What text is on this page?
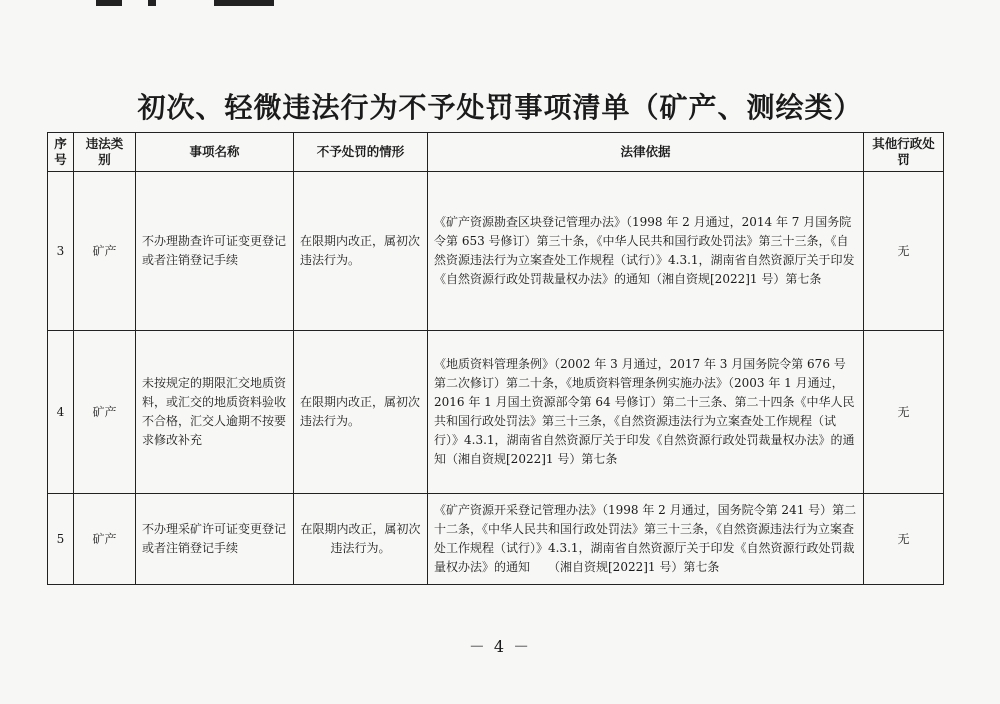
初次、轻微违法行为不予处罚事项清单（矿产、测绘类）
序号	违法类别	事项名称	不予处罚的情形	法律依据	其他行政处罚
3	矿产	不办理勘查许可证变更登记或者注销登记手续	在限期内改正，属初次违法行为。	《矿产资源勘查区块登记管理办法》（1998 年 2 月通过，2014 年 7 月国务院令第 653 号修订）第三十条，《中华人民共和国行政处罚法》第三十三条，《自然资源违法行为立案查处工作规程（试行）》4.3.1，湖南省自然资源厅关于印发《自然资源行政处罚裁量权办法》的通知（湘自资规[2022]1 号）第七条	无
4	矿产	未按规定的期限汇交地质资料，或汇交的地质资料验收不合格，汇交人逾期不按要求修改补充	在限期内改正，属初次违法行为。	《地质资料管理条例》（2002 年 3 月通过，2017 年 3 月国务院令第 676 号第二次修订）第二十条，《地质资料管理条例实施办法》（2003 年 1 月通过，2016 年 1 月国土资源部令第 64 号修订）第二十三条、第二十四条《中华人民共和国行政处罚法》第三十三条，《自然资源违法行为立案查处工作规程（试行）》4.3.1，湖南省自然资源厅关于印发《自然资源行政处罚裁量权办法》的通知（湘自资规[2022]1 号）第七条	无
5	矿产	不办理采矿许可证变更登记或者注销登记手续	在限期内改正，属初次违法行为。	《矿产资源开采登记管理办法》（1998 年 2 月通过，国务院令第 241 号）第二十二条，《中华人民共和国行政处罚法》第三十三条，《自然资源违法行为立案查处工作规程（试行）》4.3.1，湖南省自然资源厅关于印发《自然资源行政处罚裁量权办法》的通知　　（湘自资规[2022]1 号）第七条	无
－ 4 －
